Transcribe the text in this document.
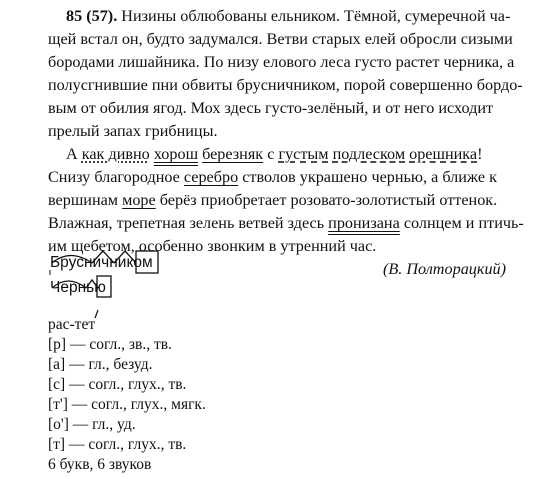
85 (57). Низины облюбованы ельником. Тёмной, сумеречной ча-
щей встал он, будто задумался. Ветви старых елей обросли сизыми
бородами лишайника. По низу елового леса густо растет черника, а
полусгнившие пни обвиты брусничником, порой совершенно бордо-
вым от обилия ягод. Мох здесь густо-зелёный, и от него исходит
прелый запах грибницы.
А как дивно хорош березняк с густым подлеском орешника!
Снизу благородное серебро стволов украшено чернью, а ближе к
вершинам море берёз приобретает розовато-золотистый оттенок.
Влажная, трепетная зелень ветвей здесь пронизана солнцем и птичь-
им щебетом, особенно звонким в утренний час.
(В. Полторацкий)
Брусничником
Чернью
рас-тет
[р] — согл., зв., тв.
[а] — гл., безуд.
[с] — согл., глух., тв.
[т'] — согл., глух., мягк.
[о'] — гл., уд.
[т] — согл., глух., тв.
6 букв, 6 звуков
